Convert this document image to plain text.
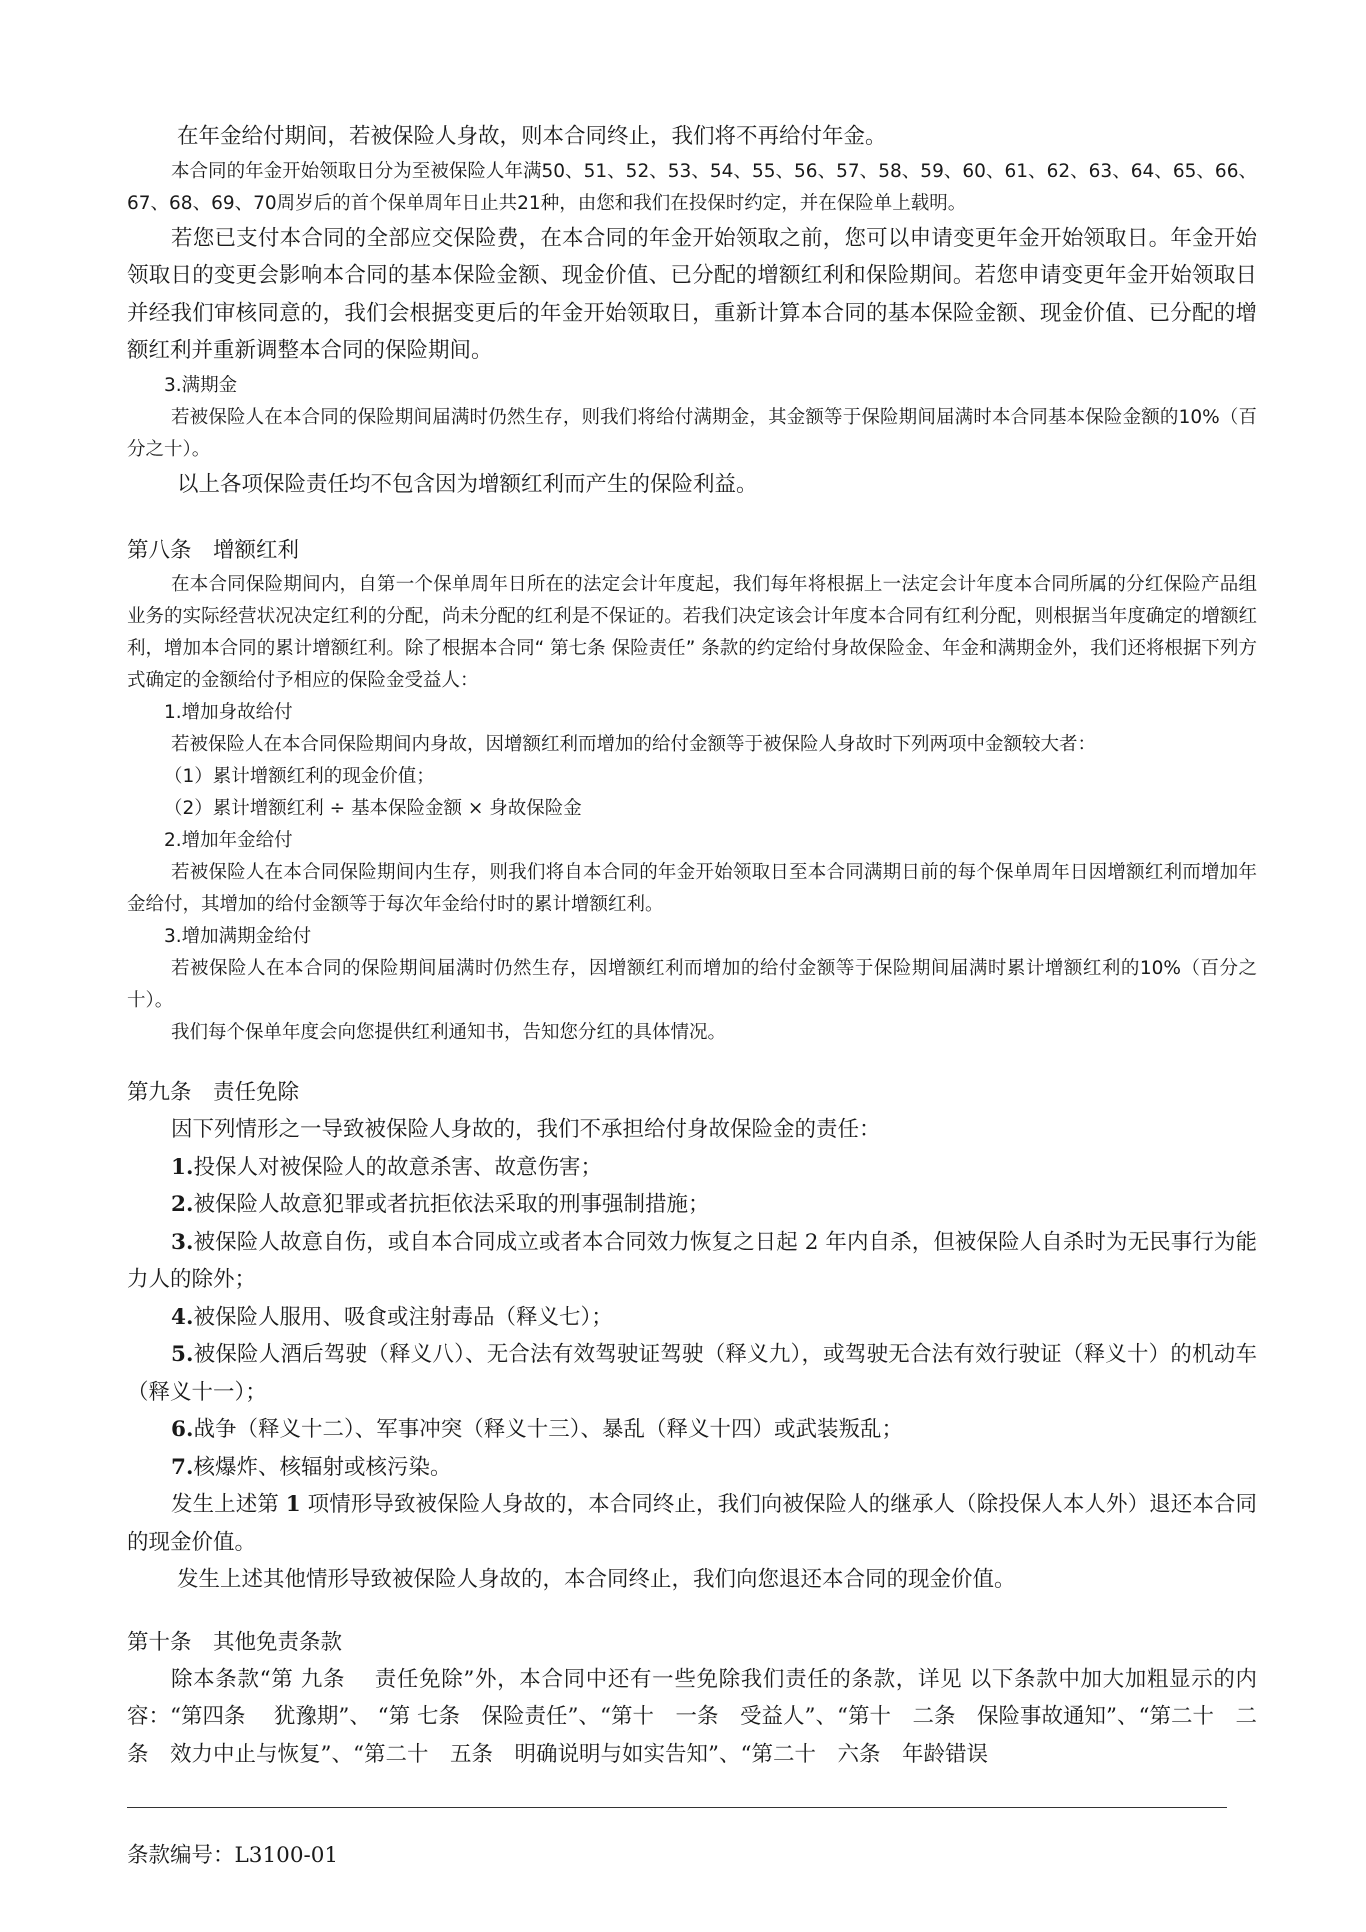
在年金给付期间，若被保险人身故，则本合同终止，我们将不再给付年金。

本合同的年金开始领取日分为至被保险人年满50、51、52、53、54、55、56、57、58、59、60、61、62、63、64、65、66、67、68、69、70周岁后的首个保单周年日止共21种，由您和我们在投保时约定，并在保险单上载明。

若您已支付本合同的全部应交保险费，在本合同的年金开始领取之前，您可以申请变更年金开始领取日。年金开始领取日的变更会影响本合同的基本保险金额、现金价值、已分配的增额红利和保险期间。若您申请变更年金开始领取日并经我们审核同意的，我们会根据变更后的年金开始领取日，重新计算本合同的基本保险金额、现金价值、已分配的增额红利并重新调整本合同的保险期间。

3.满期金

若被保险人在本合同的保险期间届满时仍然生存，则我们将给付满期金，其金额等于保险期间届满时本合同基本保险金额的10%（百分之十）。

以上各项保险责任均不包含因为增额红利而产生的保险利益。

第八条　增额红利

在本合同保险期间内，自第一个保单周年日所在的法定会计年度起，我们每年将根据上一法定会计年度本合同所属的分红保险产品组业务的实际经营状况决定红利的分配，尚未分配的红利是不保证的。若我们决定该会计年度本合同有红利分配，则根据当年度确定的增额红利，增加本合同的累计增额红利。除了根据本合同“ 第七条 保险责任” 条款的约定给付身故保险金、年金和满期金外，我们还将根据下列方式确定的金额给付予相应的保险金受益人：

1.增加身故给付

若被保险人在本合同保险期间内身故，因增额红利而增加的给付金额等于被保险人身故时下列两项中金额较大者：

（1）累计增额红利的现金价值；

（2）累计增额红利 ÷ 基本保险金额 × 身故保险金

2.增加年金给付

若被保险人在本合同保险期间内生存，则我们将自本合同的年金开始领取日至本合同满期日前的每个保单周年日因增额红利而增加年金给付，其增加的给付金额等于每次年金给付时的累计增额红利。

3.增加满期金给付

若被保险人在本合同的保险期间届满时仍然生存，因增额红利而增加的给付金额等于保险期间届满时累计增额红利的10%（百分之十）。

我们每个保单年度会向您提供红利通知书，告知您分红的具体情况。

第九条　责任免除

因下列情形之一导致被保险人身故的，我们不承担给付身故保险金的责任：

1.投保人对被保险人的故意杀害、故意伤害；

2.被保险人故意犯罪或者抗拒依法采取的刑事强制措施；

3.被保险人故意自伤，或自本合同成立或者本合同效力恢复之日起 2 年内自杀，但被保险人自杀时为无民事行为能力人的除外；

4.被保险人服用、吸食或注射毒品（释义七）；

5.被保险人酒后驾驶（释义八）、无合法有效驾驶证驾驶（释义九），或驾驶无合法有效行驶证（释义十）的机动车（释义十一）；

6.战争（释义十二）、军事冲突（释义十三）、暴乱（释义十四）或武装叛乱；

7.核爆炸、核辐射或核污染。

发生上述第 1 项情形导致被保险人身故的，本合同终止，我们向被保险人的继承人（除投保人本人外）退还本合同的现金价值。

发生上述其他情形导致被保险人身故的，本合同终止，我们向您退还本合同的现金价值。

第十条　其他免责条款

除本条款“第 九条　 责任免除”外，本合同中还有一些免除我们责任的条款，详见 以下条款中加大加粗显示的内容：“第四条　 犹豫期”、 “第 七条　保险责任”、“第十　一条　受益人”、“第十　二条　保险事故通知”、“第二十　二条　效力中止与恢复”、“第二十　五条　明确说明与如实告知”、“第二十　六条　年龄错误

条款编号：L3100-01
